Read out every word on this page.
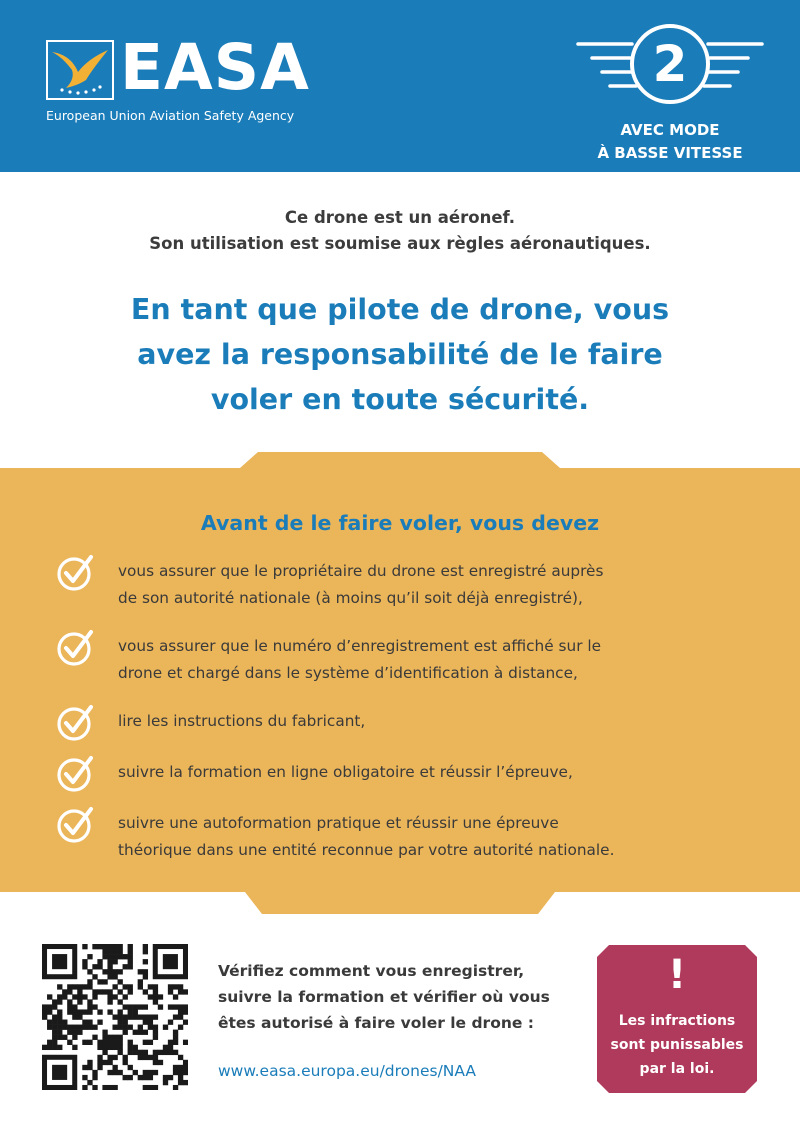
EASA
European Union Aviation Safety Agency
2
AVEC MODE
À BASSE VITESSE
Ce drone est un aéronef.
Son utilisation est soumise aux règles aéronautiques.
En tant que pilote de drone, vous
avez la responsabilité de le faire
voler en toute sécurité.
Avant de le faire voler, vous devez
vous assurer que le propriétaire du drone est enregistré auprès
de son autorité nationale (à moins qu’il soit déjà enregistré),
vous assurer que le numéro d’enregistrement est affiché sur le
drone et chargé dans le système d’identification à distance,
lire les instructions du fabricant,
suivre la formation en ligne obligatoire et réussir l’épreuve,
suivre une autoformation pratique et réussir une épreuve
théorique dans une entité reconnue par votre autorité nationale.
Vérifiez comment vous enregistrer,
suivre la formation et vérifier où vous
êtes autorisé à faire voler le drone :
www.easa.europa.eu/drones/NAA
!
Les infractions
sont punissables
par la loi.
